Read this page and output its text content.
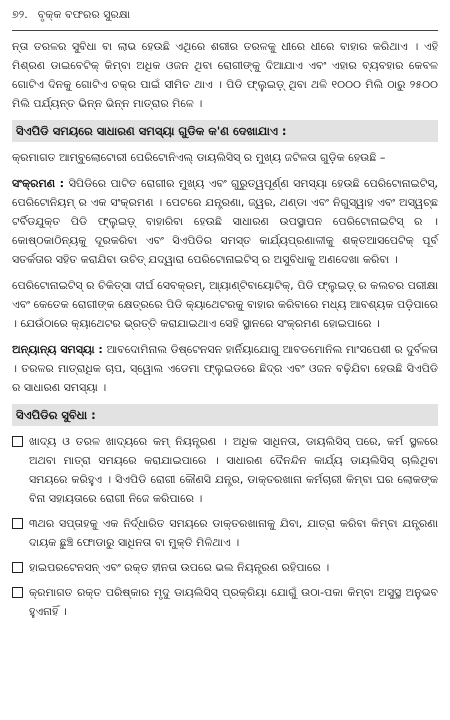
୭୨. ବୃକ୍କ ବଫରର ସୁରକ୍ଷା

ନ୍ତା ତରଳର ସୁବିଧା ବା ଲାଭ ହେଉଛି ଏଥିରେ ଶରୀର ତରଳକୁ ଧୀରେ ଧୀରେ ବାହାର କରିଥାଏ । ଏହି ମିଶ୍ରଣ ଡାଇବେଟିକ୍ କିମ୍ବା ଅଧିକ ଓଜନ ଥିବା ରୋଗୀଙ୍କୁ ଦିଆଯାଏ ଏବଂ ଏହାର ବ୍ୟବହାର କେବଳ ଗୋଟିଏ ଦିନକୁ ଗୋଟିଏ ଚକ୍ର ପାଇଁ ସୀମିତ ଥାଏ । ପିଡି ଫ୍ଲୁଇଡ଼୍ ଥିବା ଥଳି ୧୦୦୦ ମିଲି ଠାରୁ ୨୫୦୦ ମିଲି ପର୍ଯ୍ୟନ୍ତ ଭିନ୍ନ ଭିନ୍ନ ମାତ୍ରାର ମିଳେ ।

ସିଏପିଡି ସମୟରେ ସାଧାରଣ ସମସ୍ୟା ଗୁଡିକ କ'ଣ ଦେଖାଯାଏ :

କ୍ରମାଗତ ଆମ୍ବୁଲୋଟୋରୀ ପେରିଟୋନିଏଲ୍ ଡାୟଲିସିସ୍ ର ମୁଖ୍ୟ ଜଟିଳତା ଗୁଡ଼ିକ ହେଉଛି –

ସଂକ୍ରମଣ : ସିପିଡିରେ ପାଟିତ ରୋଗୀର ମୁଖ୍ୟ ଏବଂ ଗୁରୁତ୍ୱପୂର୍ଣ୍ଣ ସମସ୍ୟା ହେଉଛି ପେରିଟୋନାଇଟିସ୍, ପେରିଟୋନିୟମ୍ ର ଏକ ସଂକ୍ରମଣ । ପେଟରେ ଯନ୍ତ୍ରଣା, ଜ୍ୱର, ଥଣ୍ଡା ଏବଂ ନିଗୁସ୍ୱାହ ଏବଂ ଅସ୍ୱଚ୍ଛ ଟର୍ବିଡଯୁକ୍ତ ପିଡି ଫ୍ଲୁଇଡ଼୍ ବାହାରିବା ହେଉଛି ସାଧାରଣ ଉପସ୍ଥାପନ ପେରିଟୋନାଇଟିସ୍ ର । କୋଷ୍ଠକାଠିନ୍ୟକୁ ଦୂରକରିବା ଏବଂ ସିଏପିଡିର ସମସ୍ତ କାର୍ଯ୍ୟପ୍ରଣାଳୀକୁ ଶକ୍ତଆସପେଟିକ୍ ପୂର୍ବ ସତର୍କତାର ସହିତ କରାଯିବା ଉଚିତ୍ ଯଦ୍ୱାରା ପେରିଟୋନାଇଟିସ୍ ର ଅସୁବିଧାକୁ ଅଣଦେଖା କରିବା ।

ପେରିଟୋନାଇଟିସ୍ ର ଚିକିତ୍ସା ଦୀର୍ଘ ସେବକ୍ରମ୍, ଆ୍ୟାଣ୍ଟିବାୟୋଟିକ୍, ପିଡି ଫ୍ଲୁଇଡ଼୍ ର କଲଚର ପରୀକ୍ଷା ଏବଂ କେତେକ ରୋଗୀଙ୍କ କ୍ଷେତ୍ରରେ ପିଡି କ୍ୟାଥେଟରକୁ ବାହାର କରିବାରେ ମଧ୍ୟ ଆବଶ୍ୟକ ପଡ଼ିପାରେ । ଯେଉଁଠାରେ କ୍ୟାଥେଟର ଭ୍ରତ୍ତି କରାଯାଇଥାଏ ସେହି ସ୍ଥାନରେ ସଂକ୍ରମଣ ହୋଇପାରେ ।

ଅନ୍ୟାନ୍ୟ ସମସ୍ୟା : ଆବଦୋମିନାଲ ଡିଷ୍ଟେନସନ ହାର୍ନିୟାଯୋଗୁ ଆବଡମୋନିଲ ମାଂସପେଶୀ ର ଦୁର୍ବଳତା । ତରଳର ମାତ୍ରାଧିକ ଚାପ, ସ୍ୱୋଲ ଏଡେମା ଫ୍ଲୁଇଡରେ ଛିଦ୍ର ଏବଂ ଓଜନ ବଢ଼ିଯିବା ହେଉଛି ସିଏପିଡି ର ସାଧାରଣ ସମସ୍ୟା ।

ସିଏପିଡିର ସୁବିଧା :
ଖାଦ୍ୟ ଓ ତରଳ ଖାଦ୍ୟରେ କମ୍ ନିୟନ୍ତ୍ରଣ । ଅଧିକ ସାଧିନତା, ଡାୟଲିସିସ୍ ପରେ, କର୍ମ ସ୍ଥଳରେ ଅଥବା ମାତ୍ରା ସମୟରେ କରାଯାଇପାରେ । ସାଧାରଣ ଦୈନନ୍ଦିନ କାର୍ଯ୍ୟ ଡାୟଲିସିସ୍ ଚାଲିଥିବା ସମୟରେ କରିହୁଏ । ସିଏପିଡି ରୋଗୀ କୌଣସି ଯନ୍ତ୍ର, ଡାକ୍ତରଖାନା କର୍ମଚାରୀ କିମ୍ବା ଘର ଲୋକଙ୍କ ବିନା ସହାୟତାରେ ରୋଗୀ ନିଜେ କରିପାରେ ।
୩ଥର ସପ୍ତାହକୁ ଏକ ନିର୍ଦ୍ଧାରିତ ସମୟରେ ଡାକ୍ତରଖାନାକୁ ଯିବା, ଯାତ୍ରା କରିବା କିମ୍ବା ଯନ୍ତ୍ରଣା ଦାୟକ ଛୁଞ୍ଚି ଫୋଡାରୁ ସାଧିନତା ବା ମୁକ୍ତି ମିଳିଥାଏ ।
ହାଇପରଟେନସନ୍ ଏବଂ ରକ୍ତ ହୀନତା ଉପରେ ଭଲ ନିୟନ୍ତ୍ରଣ ରହିପାରେ ।
କ୍ରମାଗତ ରକ୍ତ ପରିଷ୍କାର ମୃଦୁ ଡାୟଲିସିସ୍ ପ୍ରକ୍ରିୟା ଯୋଗୁଁ ଉଠା-ପକା କିମ୍ବା ଅସୁସ୍ଥ ଅନୁଭବ ହୁଏନାହିଁ ।
